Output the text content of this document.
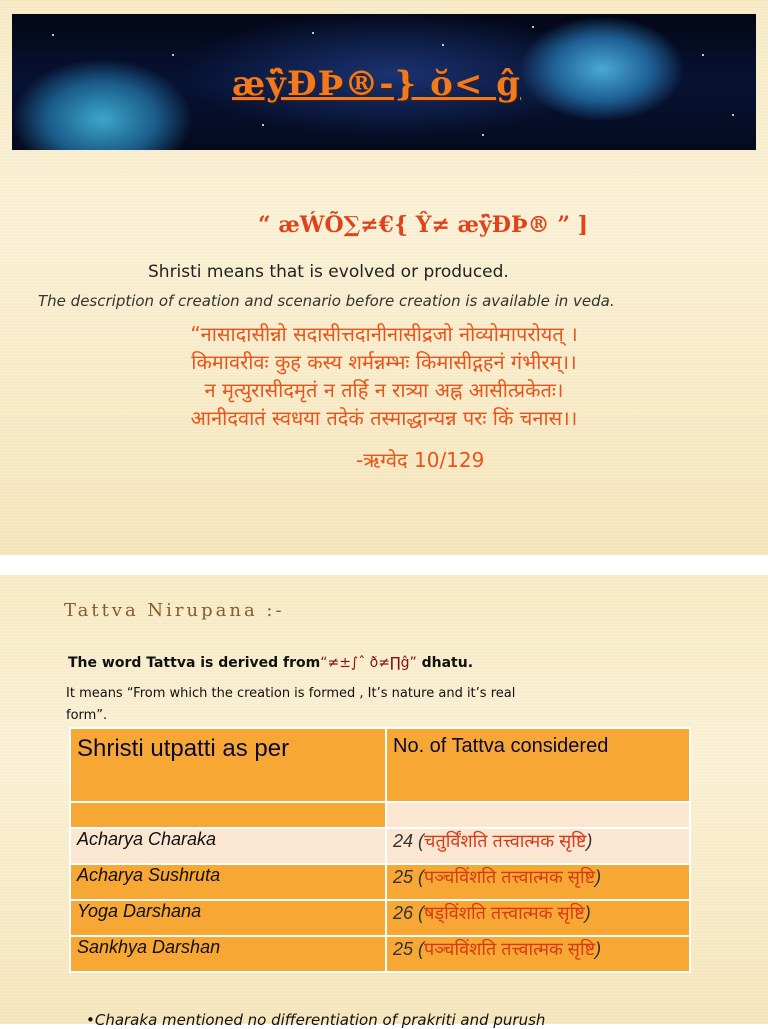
æÿ̂ÐÞ®-} ŏ< ĝ
“ æẂÕ∑≠€{ Ŷ≠ æÿ̂ÐÞ® ” ]
Shristi means that is evolved or produced.
The description of creation and scenario before creation is available in veda.
“नासादासीन्नो सदासीत्तदानीनासीद्रजो नोव्योमापरोयत् ।
किमावरीवः कुह कस्य शर्मन्नम्भः किमासीद्गहनं गंभीरम्।।
न मृत्युरासीदमृतं न तर्हि न रात्र्या अह्न आसीत्प्रकेतः।
आनीदवातं स्वधया तदेकं तस्माद्धान्यन्न परः किं चनास।।
-ऋग्वेद 10/129
Tattva Nirupana :-
The word Tattva is derived from“≠±∫ˆ ð≠∏ĝ” dhatu.
It means “From which the creation is formed , It’s nature and it’s real form”.
Shristi utpatti as per	No. of Tattva considered

Acharya Charaka	24 (चतुर्विंशति तत्त्वात्मक सृष्टि)
Acharya Sushruta	25 (पञ्चविंशति तत्त्वात्मक सृष्टि)
Yoga Darshana	26 (षड्विंशति तत्त्वात्मक सृष्टि)
Sankhya Darshan	25 (पञ्चविंशति तत्त्वात्मक सृष्टि)
•Charaka mentioned no differentiation of prakriti and purush
